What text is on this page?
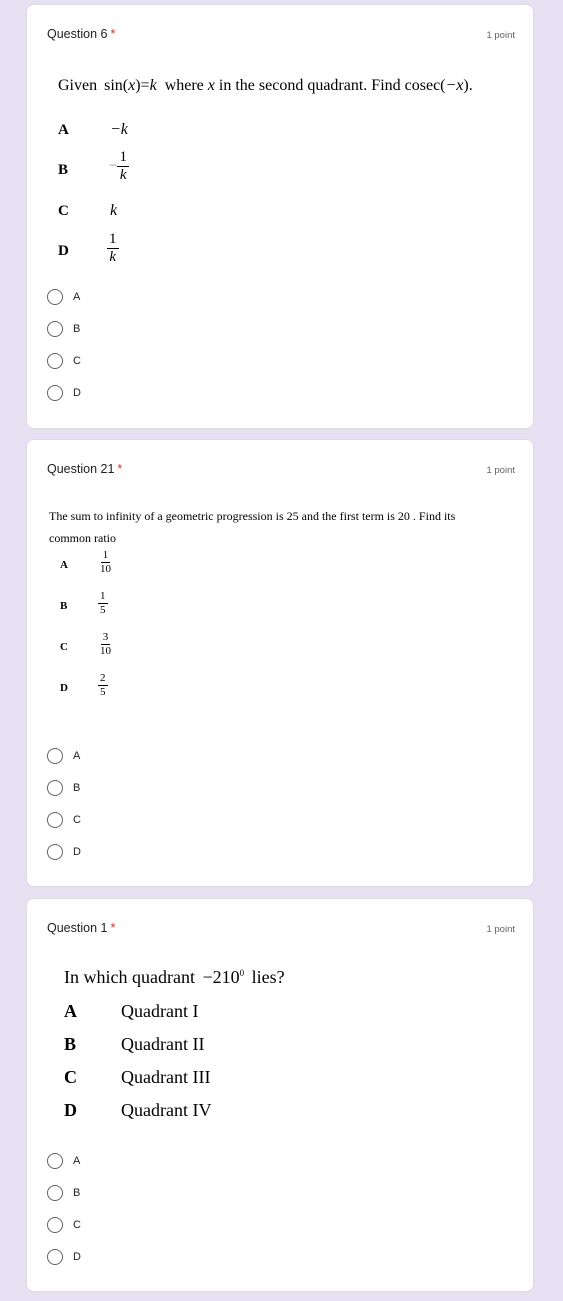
Question 6 *	1 point
Given sin(x)=k where x in the second quadrant. Find cosec(−x).
A	−k
B	− $\frac{1}{k}$
C	k
D	$\frac{1}{k}$
A
B
C
D
Question 21 *	1 point
The sum to infinity of a geometric progression is 25 and the first term is 20 . Find its
common ratio
A	$\frac{1}{10}$
B	$\frac{1}{5}$
C	$\frac{3}{10}$
D	$\frac{2}{5}$
A
B
C
D
Question 1 *	1 point
In which quadrant $-210^0$ lies?
A Quadrant I
B Quadrant II
C Quadrant III
D Quadrant IV
A
B
C
D
